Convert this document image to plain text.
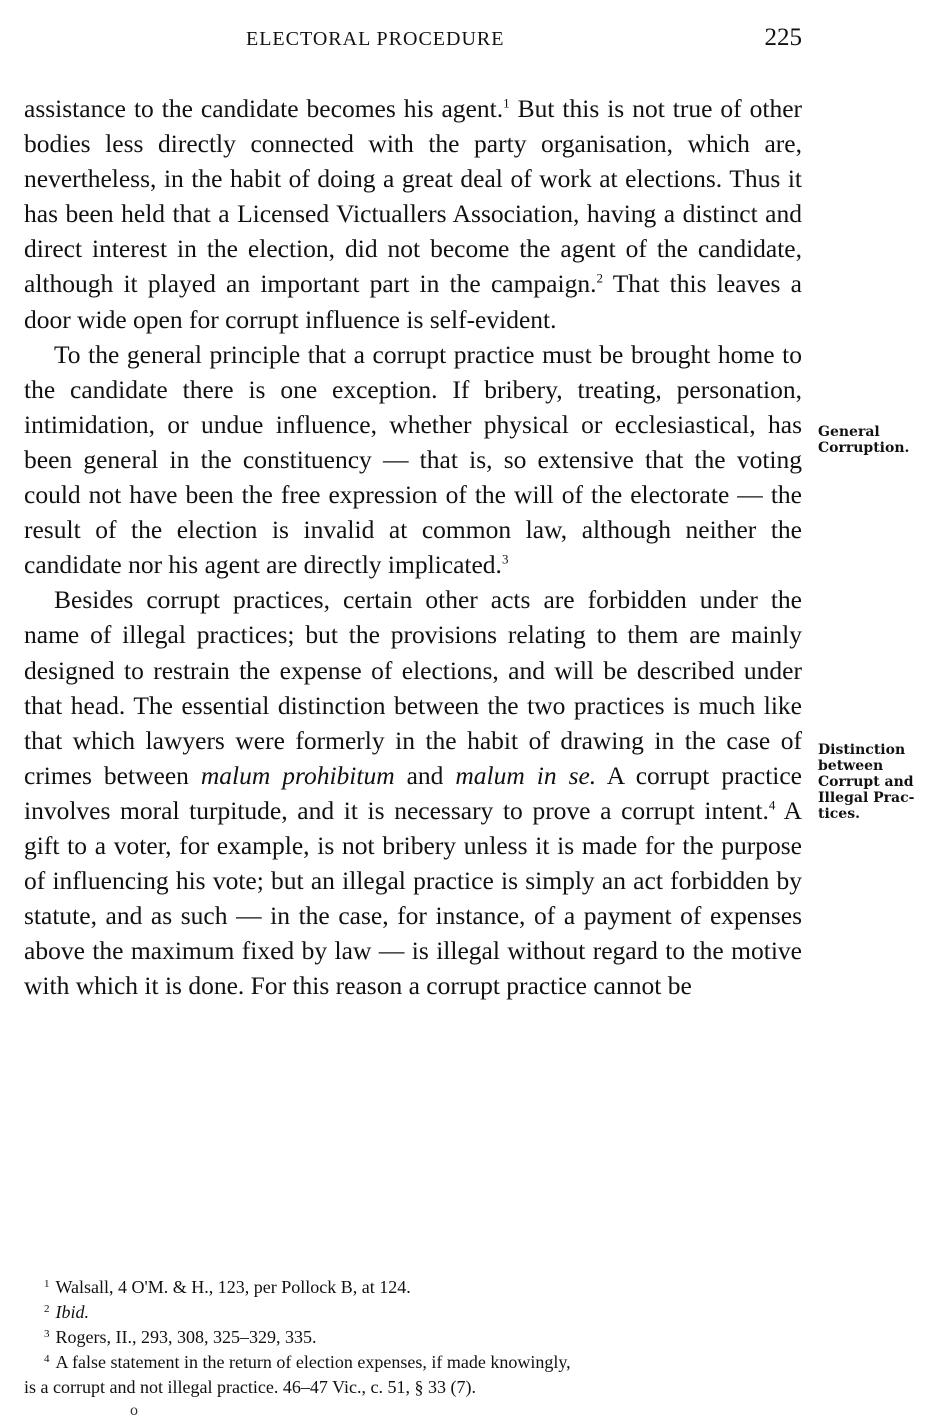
ELECTORAL PROCEDURE	225

assistance to the candidate becomes his agent.$^1$ But this is not true of other bodies less directly connected with the party organisation, which are, nevertheless, in the habit of doing a great deal of work at elections. Thus it has been held that a Licensed Victuallers Association, having a distinct and direct interest in the election, did not become the agent of the candidate, although it played an important part in the campaign.$^2$ That this leaves a door wide open for corrupt influence is self-evident.

To the general principle that a corrupt practice must be brought home to the candidate there is one exception. If bribery, treating, personation, intimidation, or undue influence, whether physical or ecclesiastical, has been general in the constituency — that is, so extensive that the voting could not have been the free expression of the will of the electorate — the result of the election is invalid at common law, although neither the candidate nor his agent are directly implicated.$^3$

Besides corrupt practices, certain other acts are forbidden under the name of illegal practices; but the provisions relating to them are mainly designed to restrain the expense of elections, and will be described under that head. The essential distinction between the two practices is much like that which lawyers were formerly in the habit of drawing in the case of crimes between malum prohibitum and malum in se. A corrupt practice involves moral turpitude, and it is necessary to prove a corrupt intent.$^4$ A gift to a voter, for example, is not bribery unless it is made for the purpose of influencing his vote; but an illegal practice is simply an act forbidden by statute, and as such — in the case, for instance, of a payment of expenses above the maximum fixed by law — is illegal without regard to the motive with which it is done. For this reason a corrupt practice cannot be

General
Corruption.
Distinction
between
Corrupt and
Illegal Prac-
tices.

$^1$ Walsall, 4 O'M. & H., 123, per Pollock B, at 124.

$^2$ Ibid.

$^3$ Rogers, II., 293, 308, 325–329, 335.

$^4$ A false statement in the return of election expenses, if made knowingly,

is a corrupt and not illegal practice. 46–47 Vic., c. 51, § 33 (7).

o
